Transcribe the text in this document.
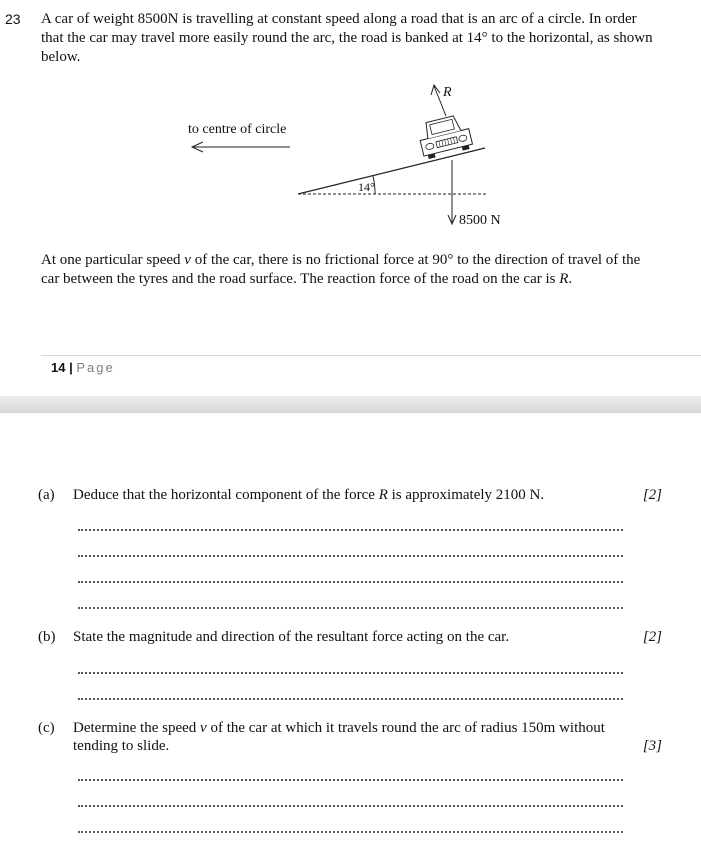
23 A car of weight 8500N is travelling at constant speed along a road that is an arc of a circle. In order that the car may travel more easily round the arc, the road is banked at 14° to the horizontal, as shown below.
to centre of circle
R
14°
8500 N
At one particular speed v of the car, there is no frictional force at 90° to the direction of travel of the car between the tyres and the road surface. The reaction force of the road on the car is R.
14 | Page
(a) Deduce that the horizontal component of the force R is approximately 2100 N.	[2]
(b) State the magnitude and direction of the resultant force acting on the car.	[2]
(c) Determine the speed v of the car at which it travels round the arc of radius 150m without tending to slide.	[3]
